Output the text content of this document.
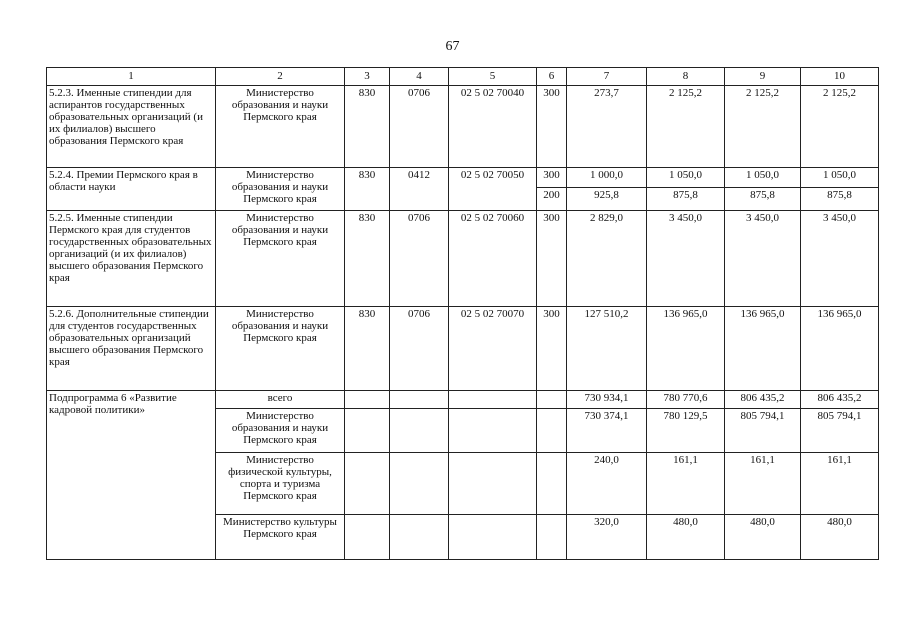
67
1	2	3	4	5	6	7	8	9	10
5.2.3. Именные стипендии для аспирантов государственных образовательных организаций (и их филиалов) высшего образования Пермского края	Министерство образования и науки Пермского края	830	0706	02 5 02 70040	300	273,7	2 125,2	2 125,2	2 125,2
5.2.4. Премии Пермского края в области науки	Министерство образования и науки Пермского края	830	0412	02 5 02 70050	300	1 000,0	1 050,0	1 050,0	1 050,0
					200	925,8	875,8	875,8	875,8
5.2.5. Именные стипендии Пермского края для студентов государственных образовательных организаций (и их филиалов) высшего образования Пермского края	Министерство образования и науки Пермского края	830	0706	02 5 02 70060	300	2 829,0	3 450,0	3 450,0	3 450,0
5.2.6. Дополнительные стипендии для студентов государственных образовательных организаций высшего образования Пермского края	Министерство образования и науки Пермского края	830	0706	02 5 02 70070	300	127 510,2	136 965,0	136 965,0	136 965,0
Подпрограмма 6 «Развитие кадровой политики»	всего					730 934,1	780 770,6	806 435,2	806 435,2
	Министерство образования и науки Пермского края					730 374,1	780 129,5	805 794,1	805 794,1
	Министерство физической культуры, спорта и туризма Пермского края					240,0	161,1	161,1	161,1
	Министерство культуры Пермского края					320,0	480,0	480,0	480,0
